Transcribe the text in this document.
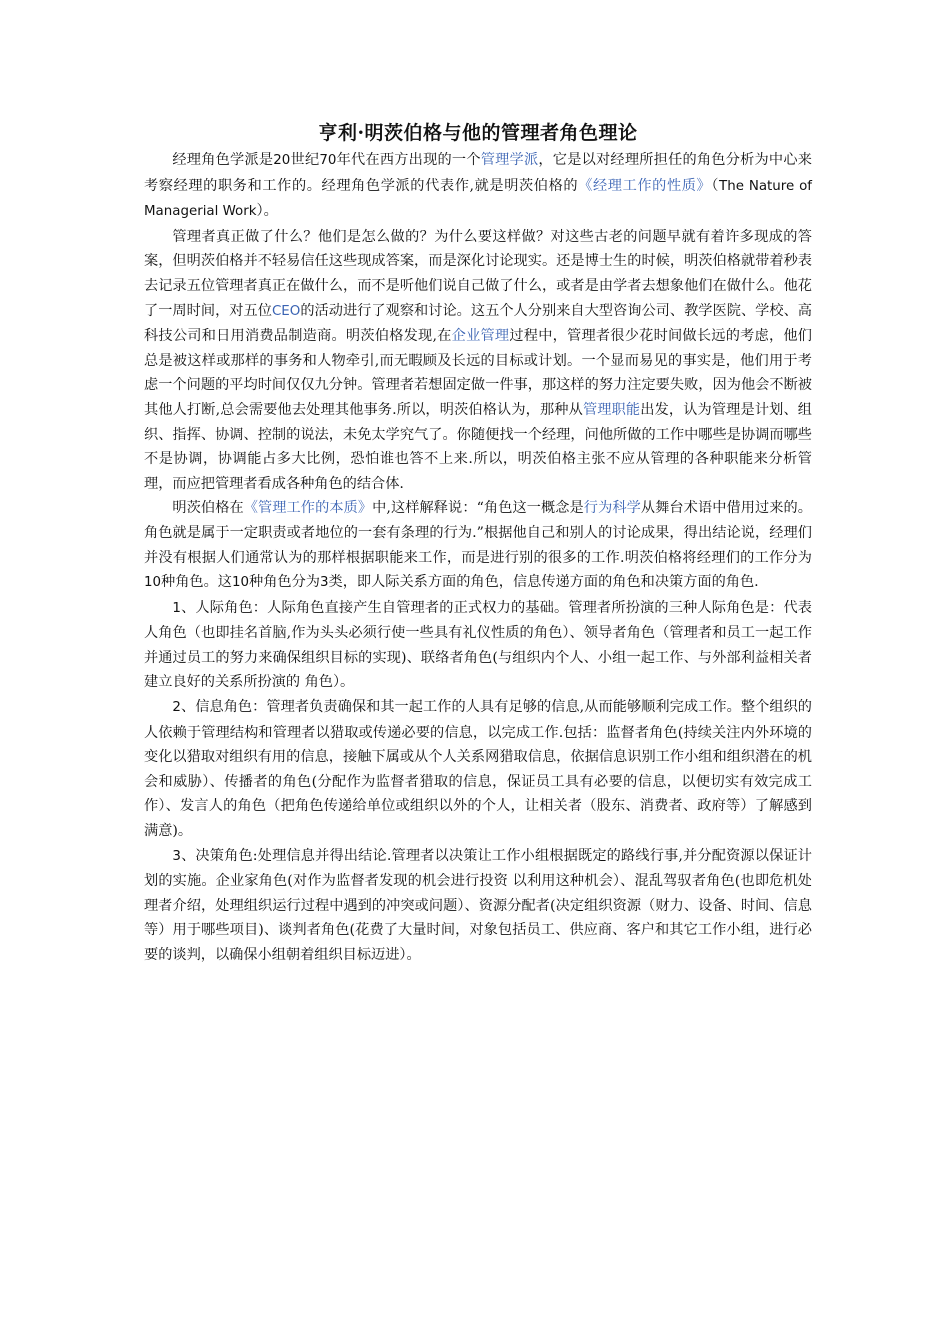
亨利·明茨伯格与他的管理者角色理论

经理角色学派是20世纪70年代在西方出现的一个管理学派，它是以对经理所担任的角色分析为中心来考察经理的职务和工作的。经理角色学派的代表作,就是明茨伯格的《经理工作的性质》（The Nature of Managerial Work）。

管理者真正做了什么？他们是怎么做的？为什么要这样做？对这些古老的问题早就有着许多现成的答案，但明茨伯格并不轻易信任这些现成答案，而是深化讨论现实。还是博士生的时候，明茨伯格就带着秒表去记录五位管理者真正在做什么，而不是听他们说自己做了什么，或者是由学者去想象他们在做什么。他花了一周时间，对五位CEO的活动进行了观察和讨论。这五个人分别来自大型咨询公司、教学医院、学校、高科技公司和日用消费品制造商。明茨伯格发现,在企业管理过程中，管理者很少花时间做长远的考虑，他们总是被这样或那样的事务和人物牵引,而无暇顾及长远的目标或计划。一个显而易见的事实是，他们用于考虑一个问题的平均时间仅仅九分钟。管理者若想固定做一件事，那这样的努力注定要失败，因为他会不断被其他人打断,总会需要他去处理其他事务.所以，明茨伯格认为，那种从管理职能出发，认为管理是计划、组织、指挥、协调、控制的说法，未免太学究气了。你随便找一个经理，问他所做的工作中哪些是协调而哪些不是协调，协调能占多大比例，恐怕谁也答不上来.所以，明茨伯格主张不应从管理的各种职能来分析管理，而应把管理者看成各种角色的结合体.

明茨伯格在《管理工作的本质》中,这样解释说：“角色这一概念是行为科学从舞台术语中借用过来的。角色就是属于一定职责或者地位的一套有条理的行为.”根据他自己和别人的讨论成果，得出结论说，经理们并没有根据人们通常认为的那样根据职能来工作，而是进行别的很多的工作.明茨伯格将经理们的工作分为10种角色。这10种角色分为3类，即人际关系方面的角色，信息传递方面的角色和决策方面的角色.

1、人际角色：人际角色直接产生自管理者的正式权力的基础。管理者所扮演的三种人际角色是：代表人角色（也即挂名首脑,作为头头必须行使一些具有礼仪性质的角色）、领导者角色（管理者和员工一起工作并通过员工的努力来确保组织目标的实现)、联络者角色(与组织内个人、小组一起工作、与外部利益相关者建立良好的关系所扮演的 角色）。

2、信息角色：管理者负责确保和其一起工作的人具有足够的信息,从而能够顺利完成工作。整个组织的人依赖于管理结构和管理者以猎取或传递必要的信息，以完成工作.包括：监督者角色(持续关注内外环境的变化以猎取对组织有用的信息，接触下属或从个人关系网猎取信息，依据信息识别工作小组和组织潜在的机会和威胁）、传播者的角色(分配作为监督者猎取的信息，保证员工具有必要的信息，以便切实有效完成工作）、发言人的角色（把角色传递给单位或组织以外的个人，让相关者（股东、消费者、政府等）了解感到满意)。

3、决策角色:处理信息并得出结论.管理者以决策让工作小组根据既定的路线行事,并分配资源以保证计划的实施。企业家角色(对作为监督者发现的机会进行投资 以利用这种机会）、混乱驾驭者角色(也即危机处理者介绍，处理组织运行过程中遇到的冲突或问题）、资源分配者(决定组织资源（财力、设备、时间、信息等）用于哪些项目)、谈判者角色(花费了大量时间，对象包括员工、供应商、客户和其它工作小组，进行必要的谈判，以确保小组朝着组织目标迈进）。
